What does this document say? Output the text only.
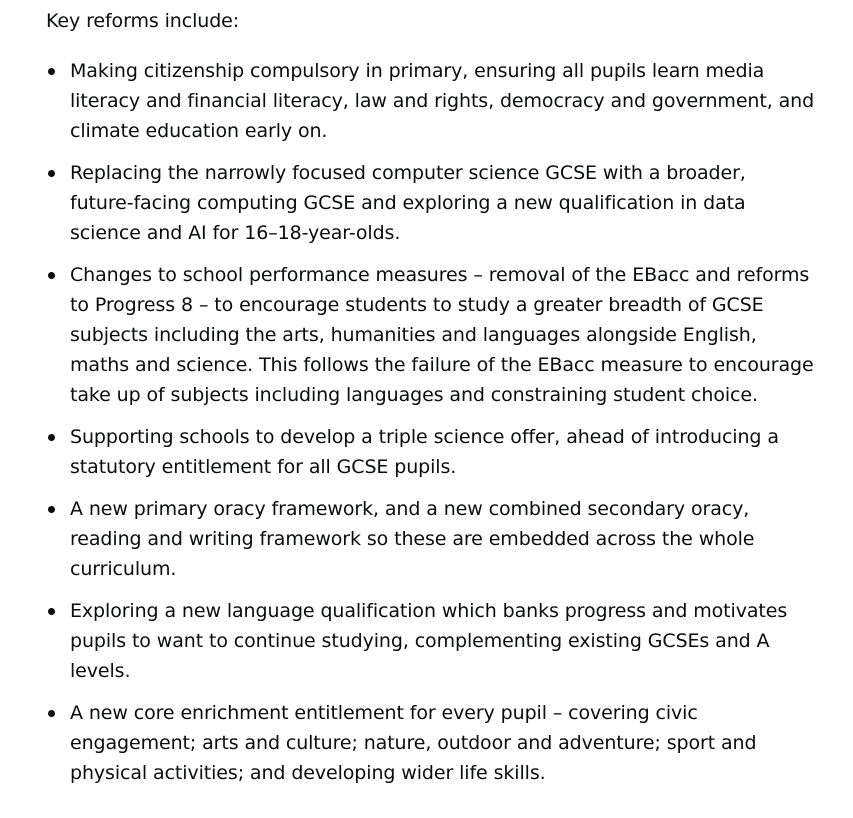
Key reforms include:

Making citizenship compulsory in primary, ensuring all pupils learn media literacy and financial literacy, law and rights, democracy and government, and climate education early on.
Replacing the narrowly focused computer science GCSE with a broader, future-facing computing GCSE and exploring a new qualification in data science and AI for 16–18-year-olds.
Changes to school performance measures – removal of the EBacc and reforms to Progress 8 – to encourage students to study a greater breadth of GCSE subjects including the arts, humanities and languages alongside English, maths and science. This follows the failure of the EBacc measure to encourage take up of subjects including languages and constraining student choice.
Supporting schools to develop a triple science offer, ahead of introducing a statutory entitlement for all GCSE pupils.
A new primary oracy framework, and a new combined secondary oracy, reading and writing framework so these are embedded across the whole curriculum.
Exploring a new language qualification which banks progress and motivates pupils to want to continue studying, complementing existing GCSEs and A levels.
A new core enrichment entitlement for every pupil – covering civic engagement; arts and culture; nature, outdoor and adventure; sport and physical activities; and developing wider life skills.
